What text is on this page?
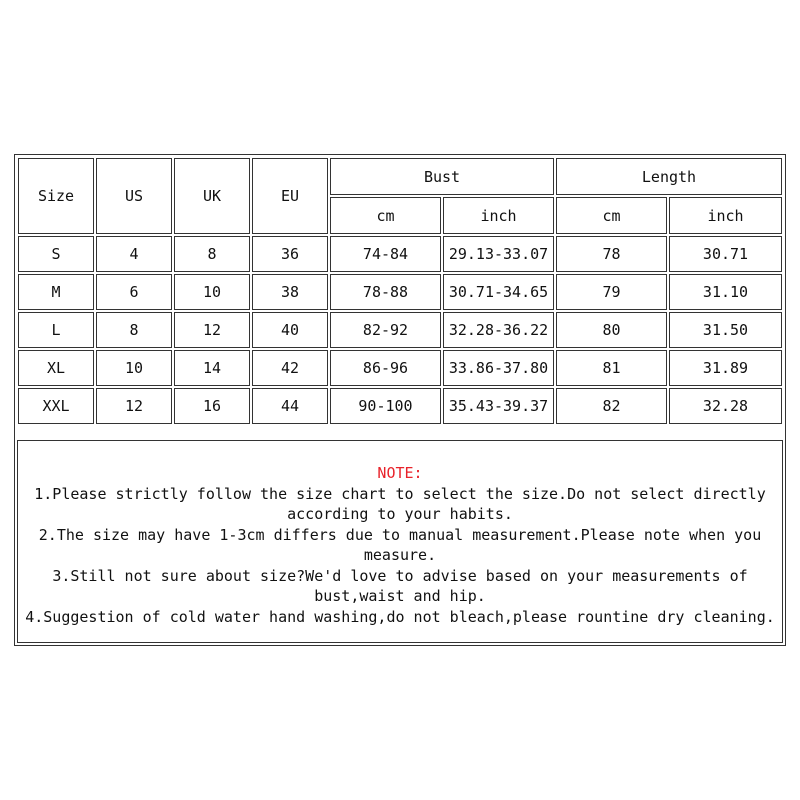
Size	US	UK	EU	Bust		Length	
				cm	inch	cm	inch
S	4	8	36	74-84	29.13-33.07	78	30.71
M	6	10	38	78-88	30.71-34.65	79	31.10
L	8	12	40	82-92	32.28-36.22	80	31.50
XL	10	14	42	86-96	33.86-37.80	81	31.89
XXL	12	16	44	90-100	35.43-39.37	82	32.28
NOTE:
1.Please strictly follow the size chart to select the size.Do not select directly according to your habits.
2.The size may have 1-3cm differs due to manual measurement.Please note when you measure.
3.Still not sure about size?We'd love to advise based on your measurements of bust,waist and hip.
4.Suggestion of cold water hand washing,do not bleach,please rountine dry cleaning.
